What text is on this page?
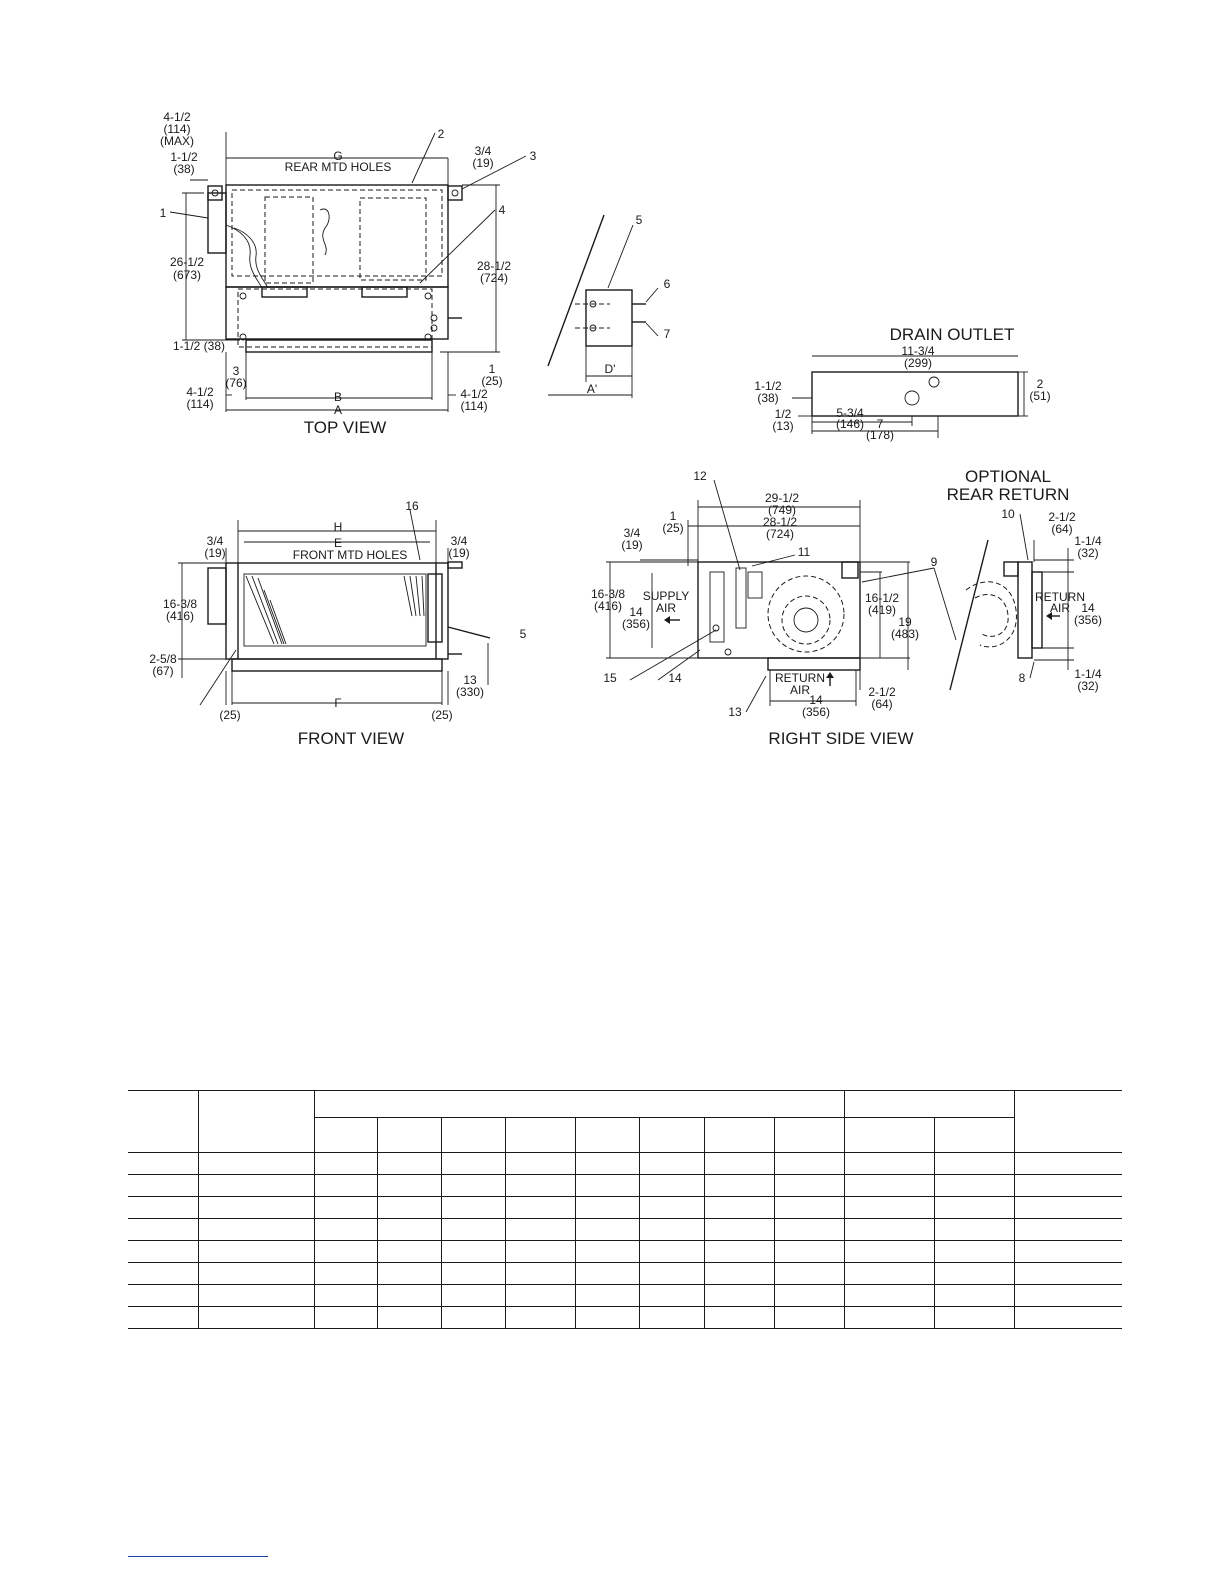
TOP VIEW
G
REAR MTD HOLES
B
A
4-1/2
(114)
(MAX)
1-1/2
(38)
3/4
(19)
26-1/2
(673)
28-1/2
(724)
1-1/2 (38)
3
(76)
4-1/2
(114)
4-1/2
(114)
1
(25)
1
2
3
4
D'
A'
5
6
7	DRAIN OUTLET
11-3/4
(299)
1-1/2
(38)
2
(51)
1/2
(13)
5-3/4
(146) 7
(178)
FRONT VIEW
H
E
FRONT MTD HOLES
F
3/4
(19)
3/4
(19)
16-3/8
(416)
2-5/8
(67)
13
(330)
(25)	(25)
16
5
RIGHT SIDE VIEW
SUPPLY
AIR
RETURN
AIR
29-1/2
(749)
28-1/2
(724)
1
(25)
3/4
(19)
16-3/8
(416) 14
(356)
16-1/2
(419)
19
(483)
14
(356)
2-1/2
(64)
12
11
9
15	14
13
OPTIONAL
REAR RETURN
RETURN
AIR
2-1/2
(64)
1-1/4
(32)
14
(356)
1-1/4
(32)
10
8
